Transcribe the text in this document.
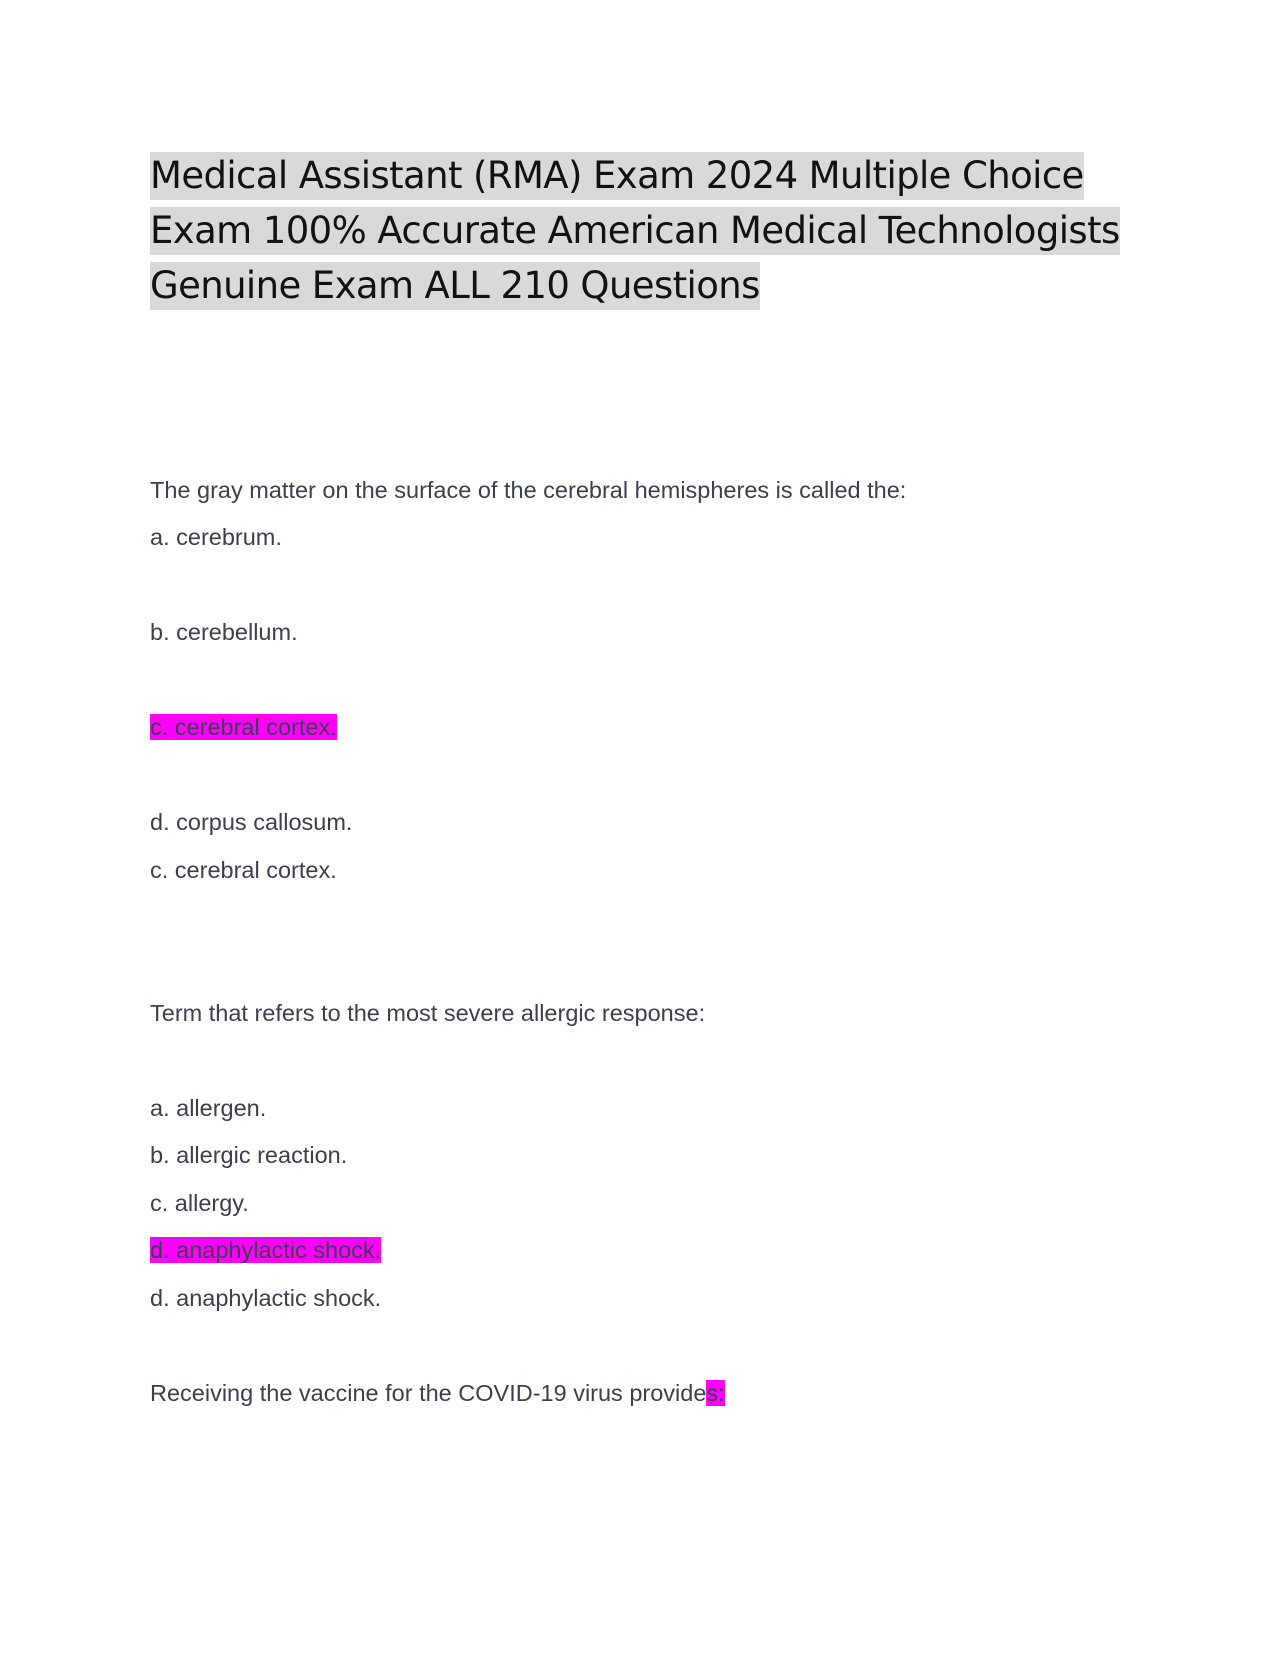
Medical Assistant (RMA) Exam 2024 Multiple Choice Exam 100% Accurate American Medical Technologists Genuine Exam ALL 210 Questions
The gray matter on the surface of the cerebral hemispheres is called the:
a. cerebrum.
b. cerebellum.
c. cerebral cortex.
d. corpus callosum.
c. cerebral cortex.
Term that refers to the most severe allergic response:
a. allergen.
b. allergic reaction.
c. allergy.
d. anaphylactic shock.
d. anaphylactic shock.
Receiving the vaccine for the COVID-19 virus provides:
